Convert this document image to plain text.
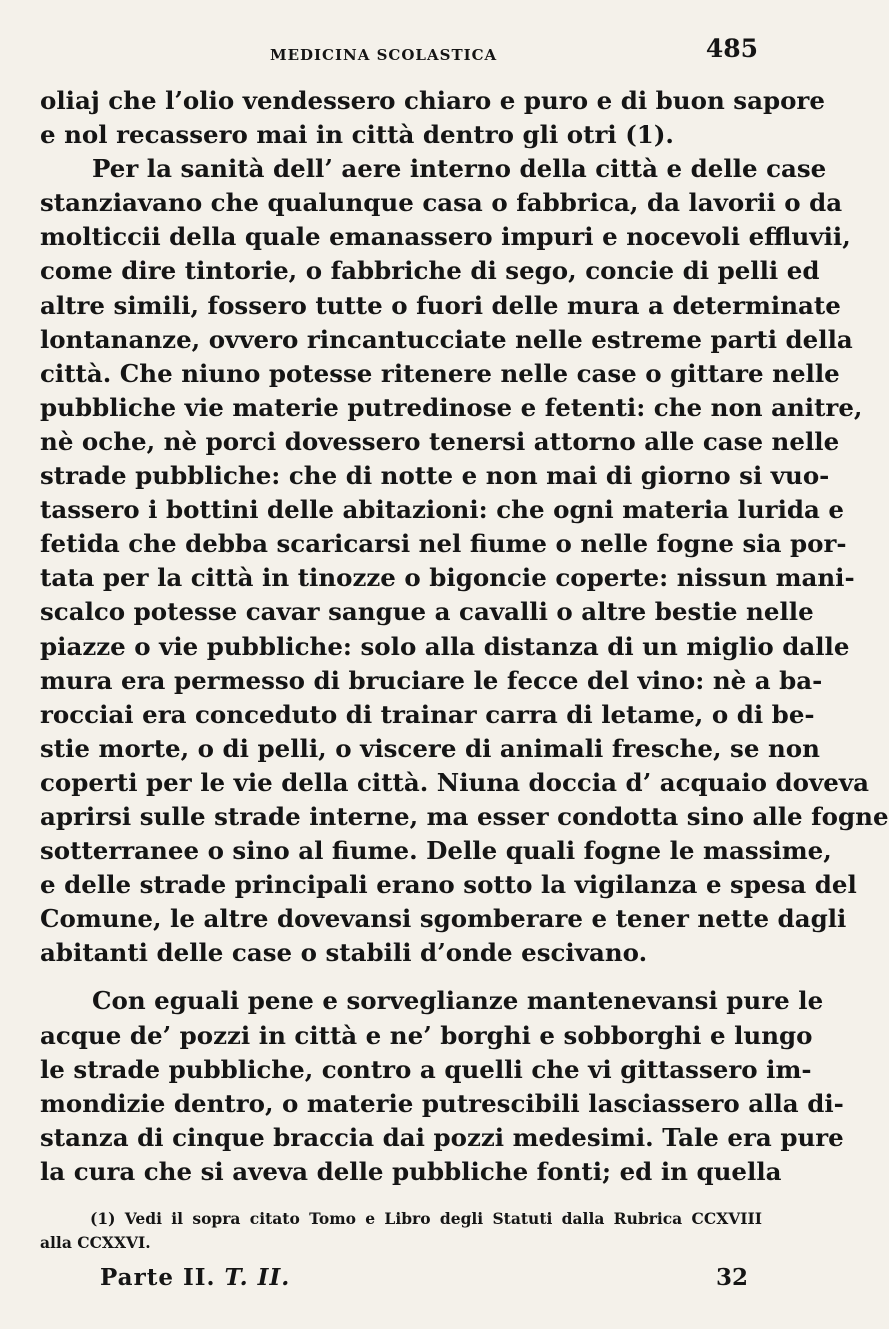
MEDICINA SCOLASTICA	485
oliaj che l’olio vendessero chiaro e puro e di buon sapore
e nol recassero mai in città dentro gli otri (1).
Per la sanità dell’ aere interno della città e delle case
stanziavano che qualunque casa o fabbrica, da lavorii o da
molticcii della quale emanassero impuri e nocevoli effluvii,
come dire tintorie, o fabbriche di sego, concie di pelli ed
altre simili, fossero tutte o fuori delle mura a determinate
lontananze, ovvero rincantucciate nelle estreme parti della
città. Che niuno potesse ritenere nelle case o gittare nelle
pubbliche vie materie putredinose e fetenti: che non anitre,
nè oche, nè porci dovessero tenersi attorno alle case nelle
strade pubbliche: che di notte e non mai di giorno si vuo-
tassero i bottini delle abitazioni: che ogni materia lurida e
fetida che debba scaricarsi nel fiume o nelle fogne sia por-
tata per la città in tinozze o bigoncie coperte: nissun mani-
scalco potesse cavar sangue a cavalli o altre bestie nelle
piazze o vie pubbliche: solo alla distanza di un miglio dalle
mura era permesso di bruciare le fecce del vino: nè a ba-
rocciai era conceduto di trainar carra di letame, o di be-
stie morte, o di pelli, o viscere di animali fresche, se non
coperti per le vie della città. Niuna doccia d’ acquaio doveva
aprirsi sulle strade interne, ma esser condotta sino alle fogne
sotterranee o sino al fiume. Delle quali fogne le massime,
e delle strade principali erano sotto la vigilanza e spesa del
Comune, le altre dovevansi sgomberare e tener nette dagli
abitanti delle case o stabili d’onde escivano.
Con eguali pene e sorveglianze mantenevansi pure le
acque de’ pozzi in città e ne’ borghi e sobborghi e lungo
le strade pubbliche, contro a quelli che vi gittassero im-
mondizie dentro, o materie putrescibili lasciassero alla di-
stanza di cinque braccia dai pozzi medesimi. Tale era pure
la cura che si aveva delle pubbliche fonti; ed in quella
(1) Vedi il sopra citato Tomo e Libro degli Statuti dalla Rubrica CCXVIII
alla CCXXVI.
Parte II. T. II.	32
